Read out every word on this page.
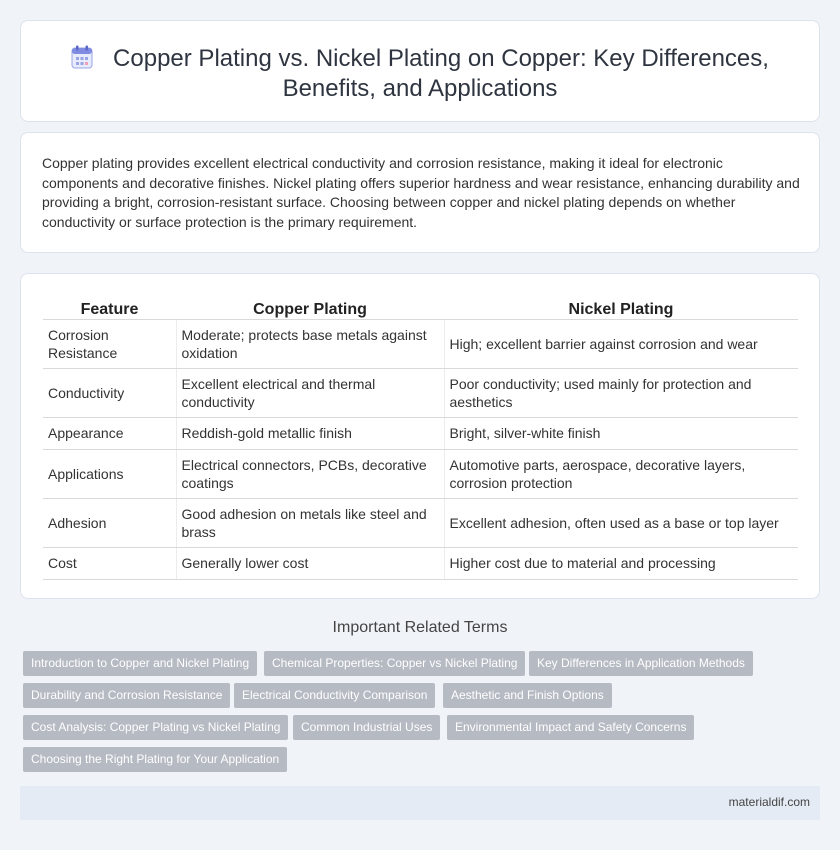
Copper Plating vs. Nickel Plating on Copper: Key Differences, Benefits, and Applications

Copper plating provides excellent electrical conductivity and corrosion resistance, making it ideal for electronic components and decorative finishes. Nickel plating offers superior hardness and wear resistance, enhancing durability and providing a bright, corrosion-resistant surface. Choosing between copper and nickel plating depends on whether conductivity or surface protection is the primary requirement.

Feature	Copper Plating	Nickel Plating
Corrosion Resistance	Moderate; protects base metals against oxidation	High; excellent barrier against corrosion and wear
Conductivity	Excellent electrical and thermal conductivity	Poor conductivity; used mainly for protection and aesthetics
Appearance	Reddish-gold metallic finish	Bright, silver-white finish
Applications	Electrical connectors, PCBs, decorative coatings	Automotive parts, aerospace, decorative layers, corrosion protection
Adhesion	Good adhesion on metals like steel and brass	Excellent adhesion, often used as a base or top layer
Cost	Generally lower cost	Higher cost due to material and processing
Important Related Terms
Introduction to Copper and Nickel Plating	Chemical Properties: Copper vs Nickel Plating	Key Differences in Application Methods
Durability and Corrosion Resistance	Electrical Conductivity Comparison	Aesthetic and Finish Options
Cost Analysis: Copper Plating vs Nickel Plating	Common Industrial Uses	Environmental Impact and Safety Concerns
Choosing the Right Plating for Your Application
materialdif.com
